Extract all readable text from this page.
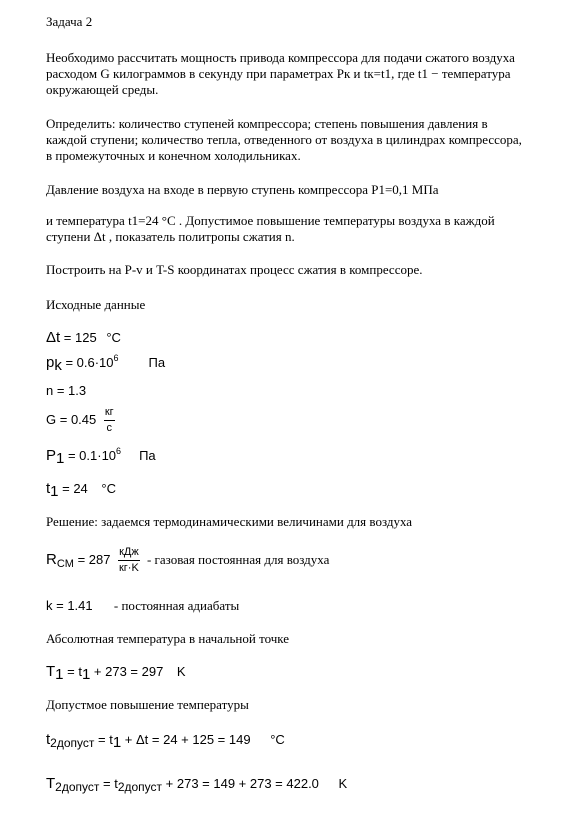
Задача 2
Необходимо рассчитать мощность привода компрессора для подачи сжатого воздуха
расходом G килограммов в секунду при параметрах Pк и tк=t1, где t1 − температура
окружающей среды.
Определить: количество ступеней компрессора; степень повышения давления в
каждой ступени; количество тепла, отведенного от воздуха в цилиндрах компрессора,
в промежуточных и конечном холодильниках.
Давление воздуха на входе в первую ступень компрессора P1=0,1 МПа
и температура t1=24 °C . Допустимое повышение температуры воздуха в каждой
ступени Δt , показатель политропы сжатия n.
Построить на P-v и T-S координатах процесс сжатия в компрессоре.
Исходные данные
Δt = 125 °C
pk = $0.6\cdot 10^6$ Па
n = 1.3
$G = 0.45 \frac{кг}{с}$
$P1 = 0.1\cdot 10^6$ Па
t1 = 24 °C
Решение: задаемся термодинамическими величинами для воздуха
$R_{CM} = 287 \frac{\text{кДж}}{кг\cdot K}$ - газовая постоянная для воздуха
k = 1.41 - постоянная адиабаты
Абсолютная температура в начальной точке
T1 = t1 + 273 = 297 K
Допустмое повышение температуры
t2допуст = t1 + Δt = 24 + 125 = 149 °C
T2допуст = t2допуст + 273 = 149 + 273 = 422.0 K
